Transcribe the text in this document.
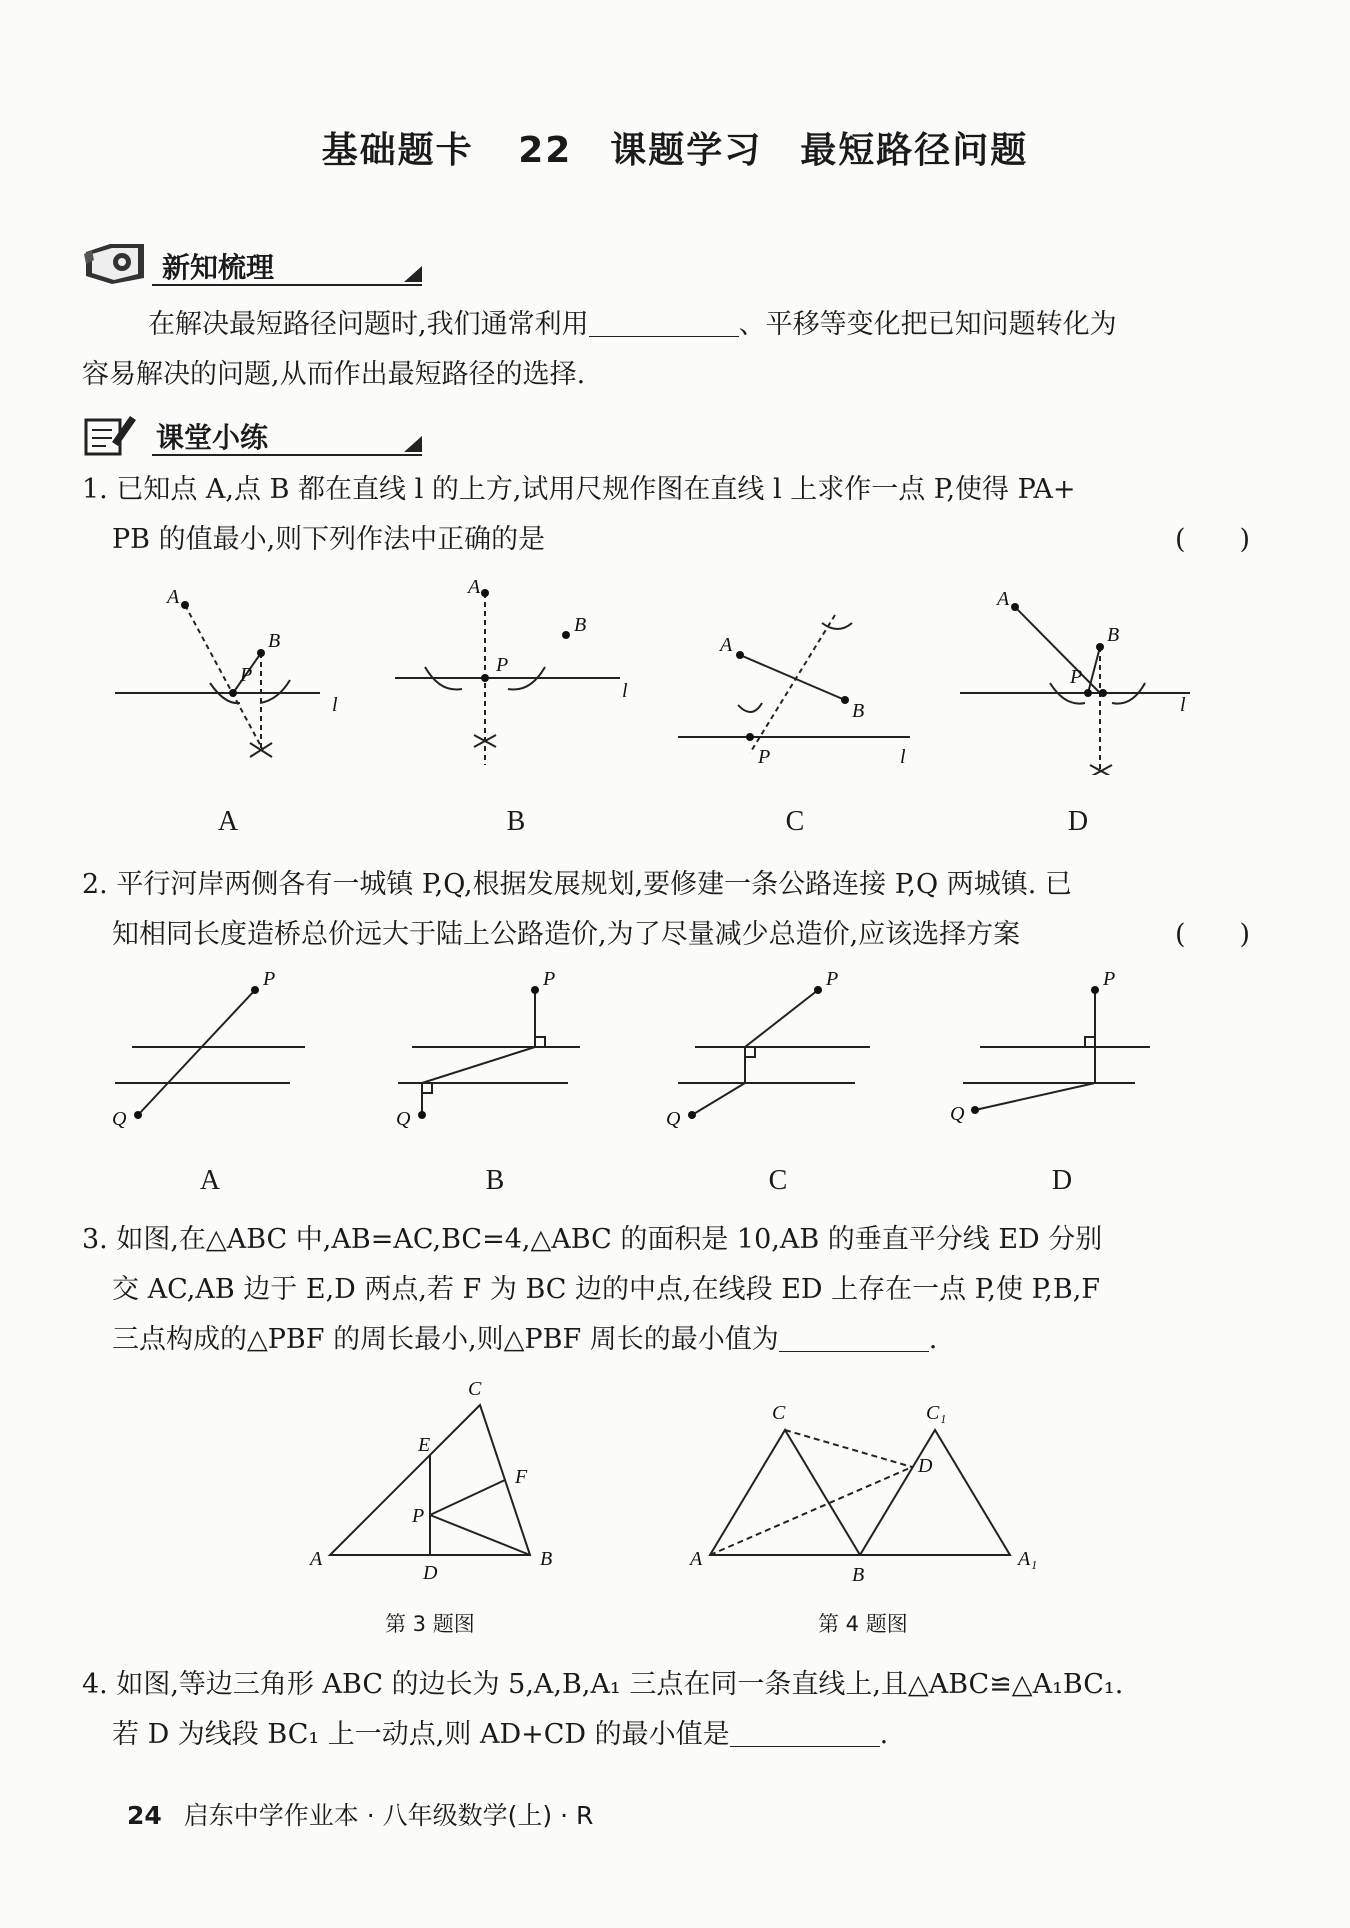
基础题卡 22　课题学习　最短路径问题
新知梳理
在解决最短路径问题时,我们通常利用	、平移等变化把已知问题转化为
容易解决的问题,从而作出最短路径的选择.
课堂小练
1. 已知点 A,点 B 都在直线 l 的上方,试用尺规作图在直线 l 上求作一点 P,使得 PA+
PB 的值最小,则下列作法中正确的是	(　　)
A
B
P
l
A
B
P
l
A
B
P	l
A
B
P
l
A	B	C	D
2. 平行河岸两侧各有一城镇 P,Q,根据发展规划,要修建一条公路连接 P,Q 两城镇. 已
知相同长度造桥总价远大于陆上公路造价,为了尽量减少总造价,应该选择方案	(　　)
P
Q
P
Q
P
Q
P
Q
A	B	C	D
3. 如图,在△ABC 中,AB=AC,BC=4,△ABC 的面积是 10,AB 的垂直平分线 ED 分别
交 AC,AB 边于 E,D 两点,若 F 为 BC 边的中点,在线段 ED 上存在一点 P,使 P,B,F
三点构成的△PBF 的周长最小,则△PBF 周长的最小值为	.
A	B
C
D
E
F
P
第 3 题图
A
B
C	C₁
D
A₁
第 4 题图
4. 如图,等边三角形 ABC 的边长为 5,A,B,A₁ 三点在同一条直线上,且△ABC≌△A₁BC₁.
若 D 为线段 BC₁ 上一动点,则 AD+CD 的最小值是	.
24 启东中学作业本 · 八年级数学(上) · R
